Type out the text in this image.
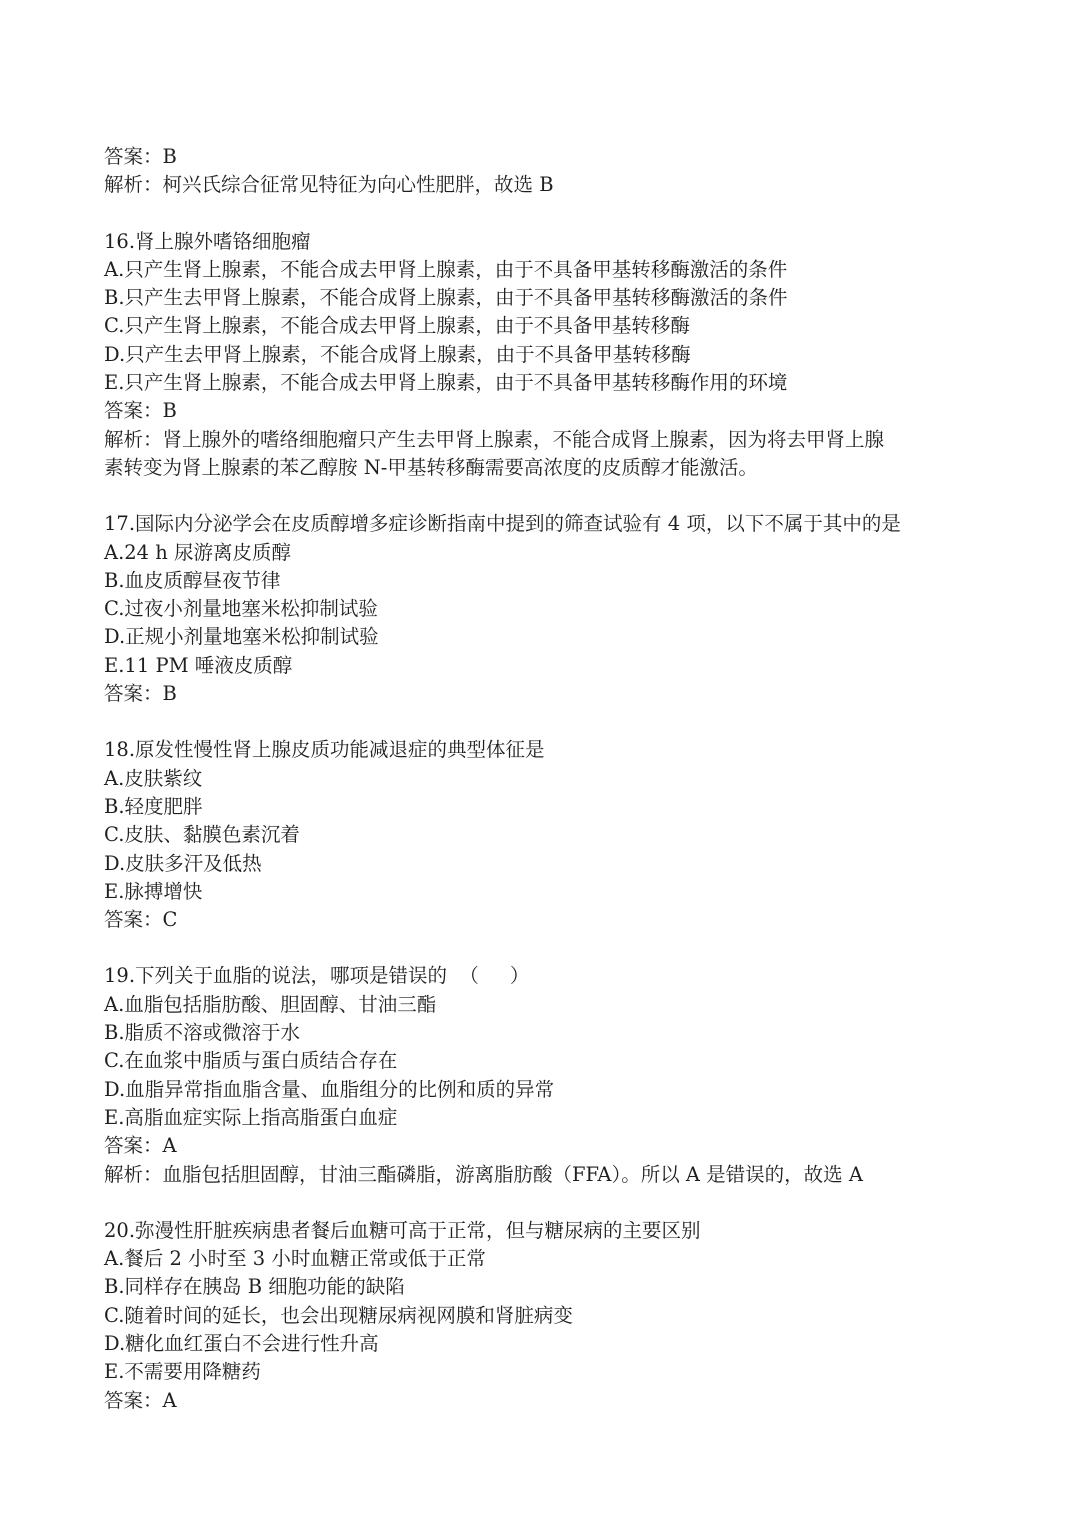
答案：B
解析：柯兴氏综合征常见特征为向心性肥胖，故选 B
16.肾上腺外嗜铬细胞瘤
A.只产生肾上腺素，不能合成去甲肾上腺素，由于不具备甲基转移酶激活的条件
B.只产生去甲肾上腺素，不能合成肾上腺素，由于不具备甲基转移酶激活的条件
C.只产生肾上腺素，不能合成去甲肾上腺素，由于不具备甲基转移酶
D.只产生去甲肾上腺素，不能合成肾上腺素，由于不具备甲基转移酶
E.只产生肾上腺素，不能合成去甲肾上腺素，由于不具备甲基转移酶作用的环境
答案：B
解析：肾上腺外的嗜络细胞瘤只产生去甲肾上腺素，不能合成肾上腺素，因为将去甲肾上腺
素转变为肾上腺素的苯乙醇胺 N-甲基转移酶需要高浓度的皮质醇才能激活。
17.国际内分泌学会在皮质醇增多症诊断指南中提到的筛查试验有 4 项，以下不属于其中的是
A.24 h 尿游离皮质醇
B.血皮质醇昼夜节律
C.过夜小剂量地塞米松抑制试验
D.正规小剂量地塞米松抑制试验
E.11 PM 唾液皮质醇
答案：B
18.原发性慢性肾上腺皮质功能减退症的典型体征是
A.皮肤紫纹
B.轻度肥胖
C.皮肤、黏膜色素沉着
D.皮肤多汗及低热
E.脉搏增快
答案：C
19.下列关于血脂的说法，哪项是错误的  （     ）
A.血脂包括脂肪酸、胆固醇、甘油三酯
B.脂质不溶或微溶于水
C.在血浆中脂质与蛋白质结合存在
D.血脂异常指血脂含量、血脂组分的比例和质的异常
E.高脂血症实际上指高脂蛋白血症
答案：A
解析：血脂包括胆固醇，甘油三酯磷脂，游离脂肪酸（FFA）。所以 A 是错误的，故选 A
20.弥漫性肝脏疾病患者餐后血糖可高于正常，但与糖尿病的主要区别
A.餐后 2 小时至 3 小时血糖正常或低于正常
B.同样存在胰岛 B 细胞功能的缺陷
C.随着时间的延长，也会出现糖尿病视网膜和肾脏病变
D.糖化血红蛋白不会进行性升高
E.不需要用降糖药
答案：A
